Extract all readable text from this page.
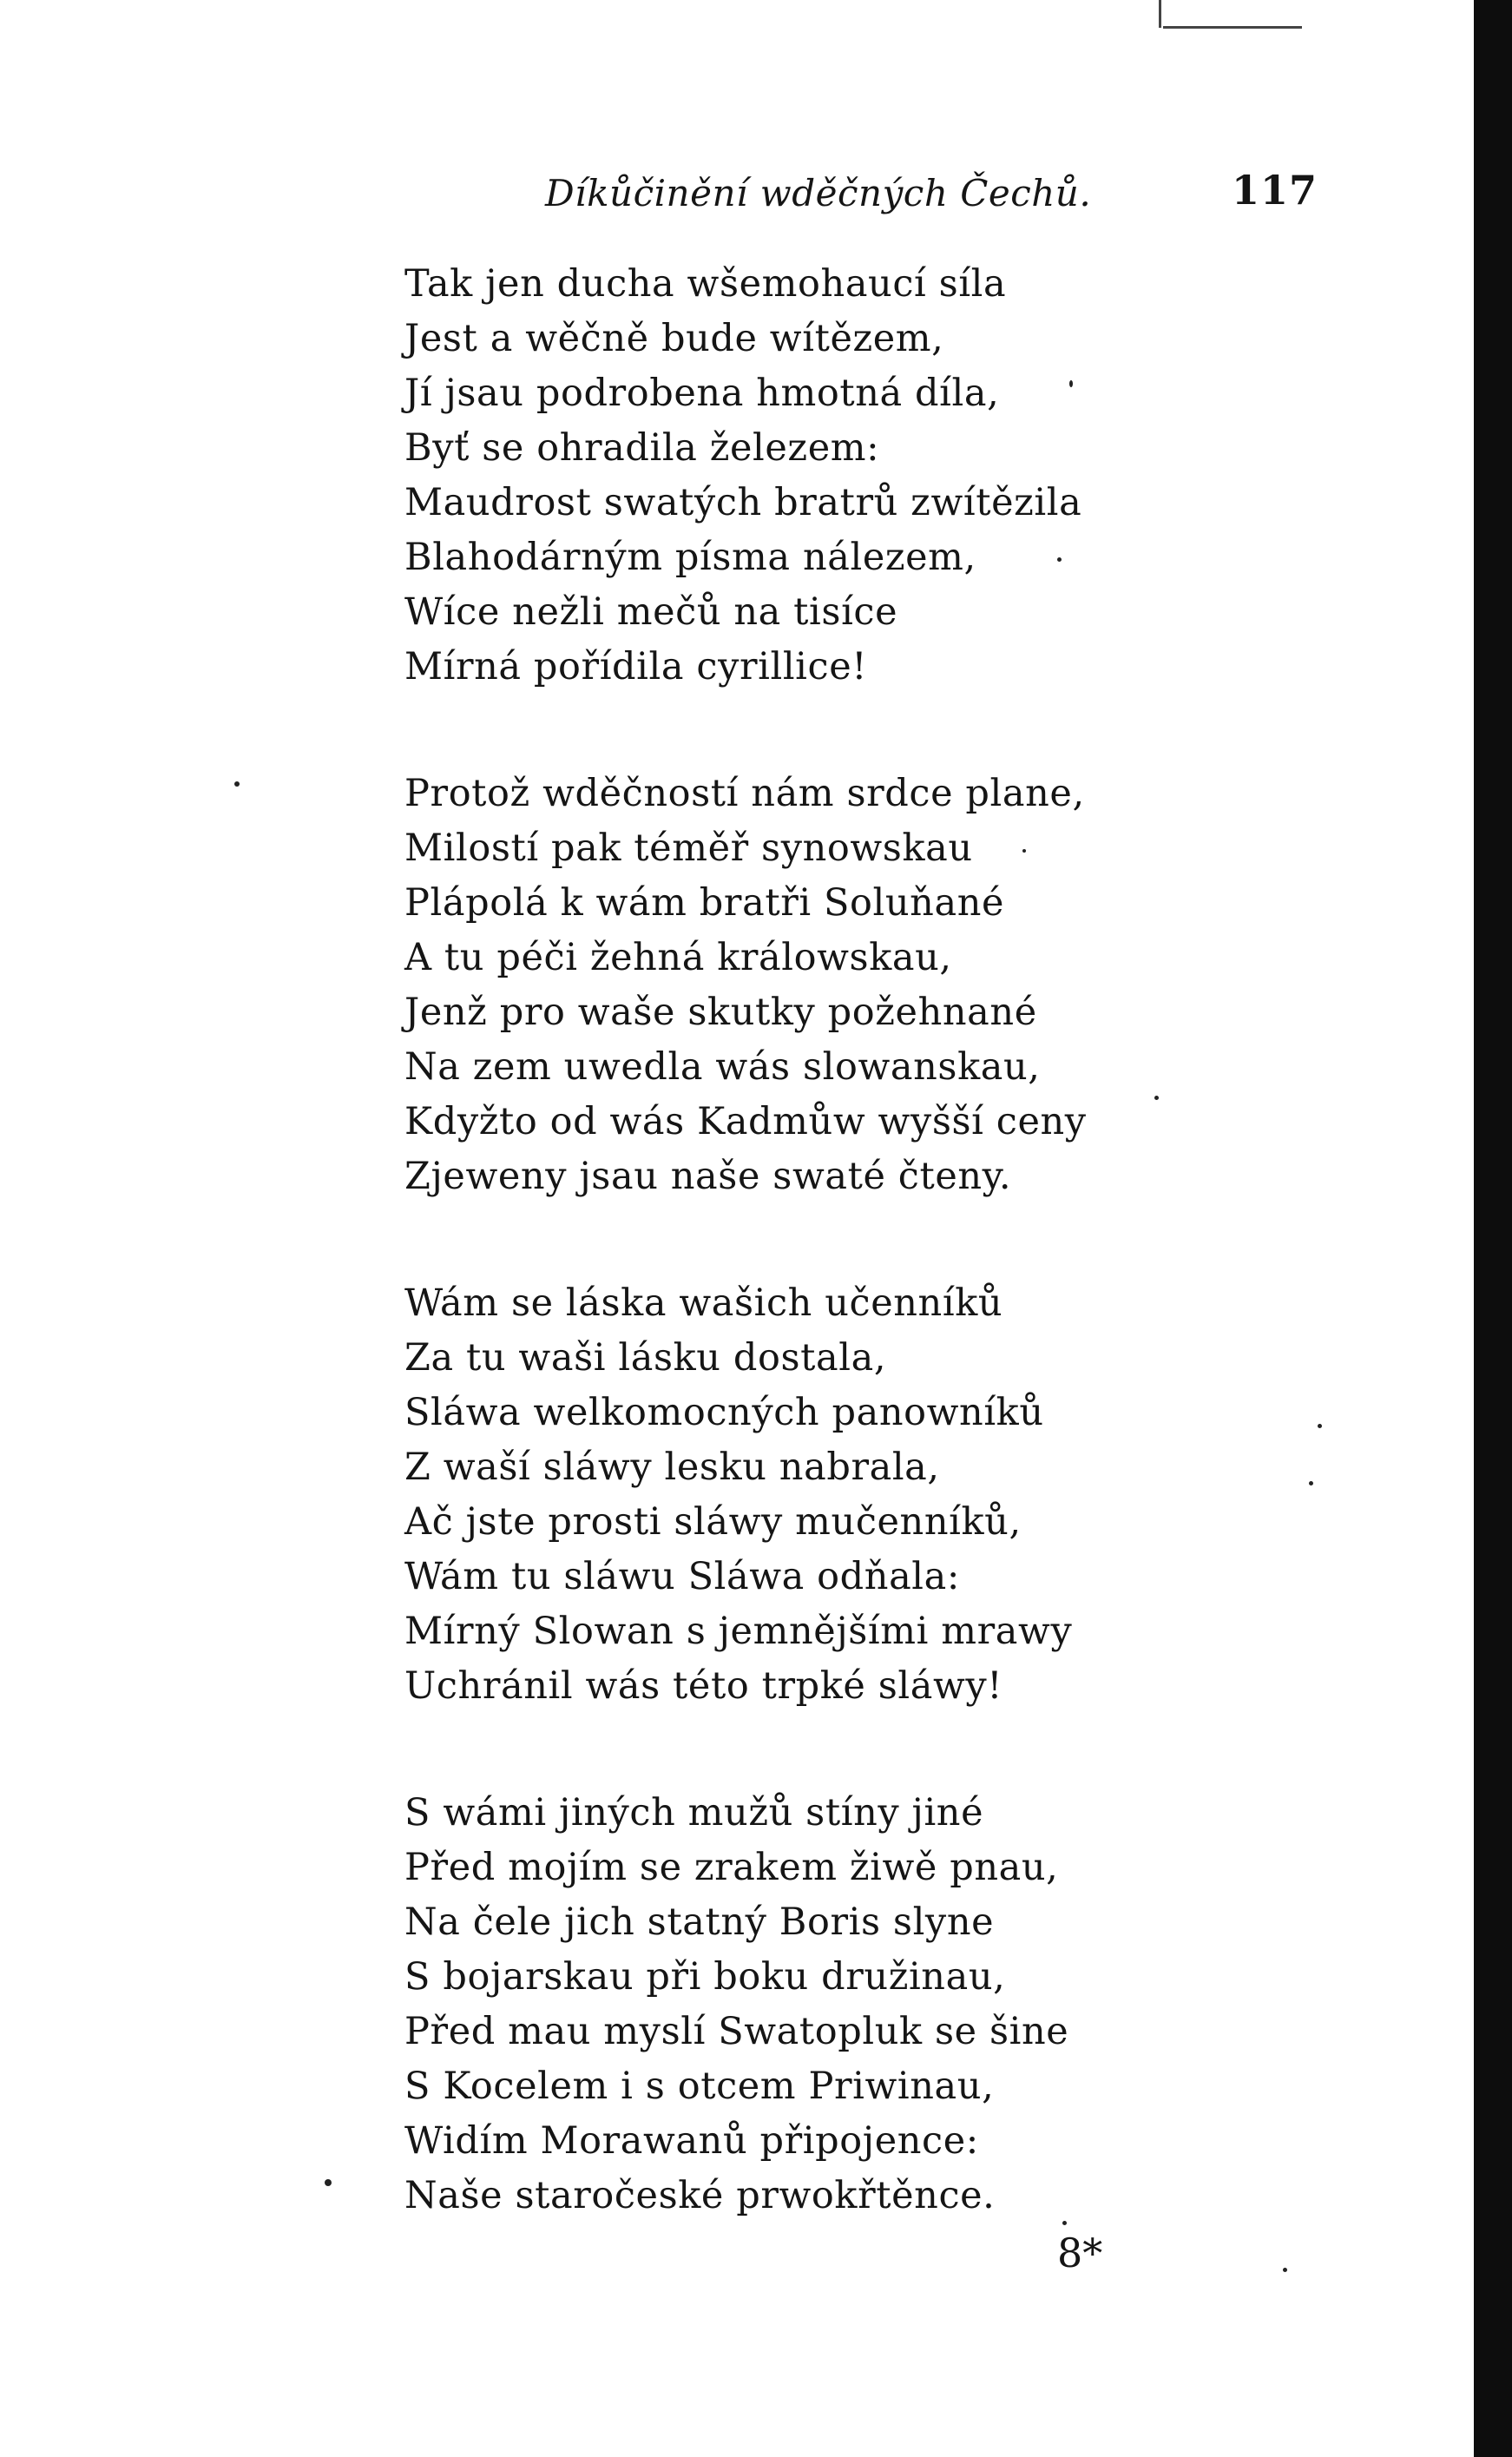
Díkůčinění wděčných Čechů.	117
Tak jen ducha wšemohaucí síla
Jest a wěčně bude wítězem,
Jí jsau podrobena hmotná díla,
Byť se ohradila železem:
Maudrost swatých bratrů zwítězila
Blahodárným písma nálezem,
Wíce nežli mečů na tisíce
Mírná pořídila cyrillice!
Protož wděčností nám srdce plane,
Milostí pak téměř synowskau
Plápolá k wám bratři Soluňané
A tu péči žehná králowskau,
Jenž pro waše skutky požehnané
Na zem uwedla wás slowanskau,
Kdyžto od wás Kadmůw wyšší ceny
Zjeweny jsau naše swaté čteny.
Wám se láska wašich učenníků
Za tu waši lásku dostala,
Sláwa welkomocných panowníků
Z waší sláwy lesku nabrala,
Ač jste prosti sláwy mučenníků,
Wám tu sláwu Sláwa odňala:
Mírný Slowan s jemnějšími mrawy
Uchránil wás této trpké sláwy!
S wámi jiných mužů stíny jiné
Před mojím se zrakem žiwě pnau,
Na čele jich statný Boris slyne
S bojarskau při boku družinau,
Před mau myslí Swatopluk se šine
S Kocelem i s otcem Priwinau,
Widím Morawanů připojence:
Naše staročeské prwokřtěnce.
8*
